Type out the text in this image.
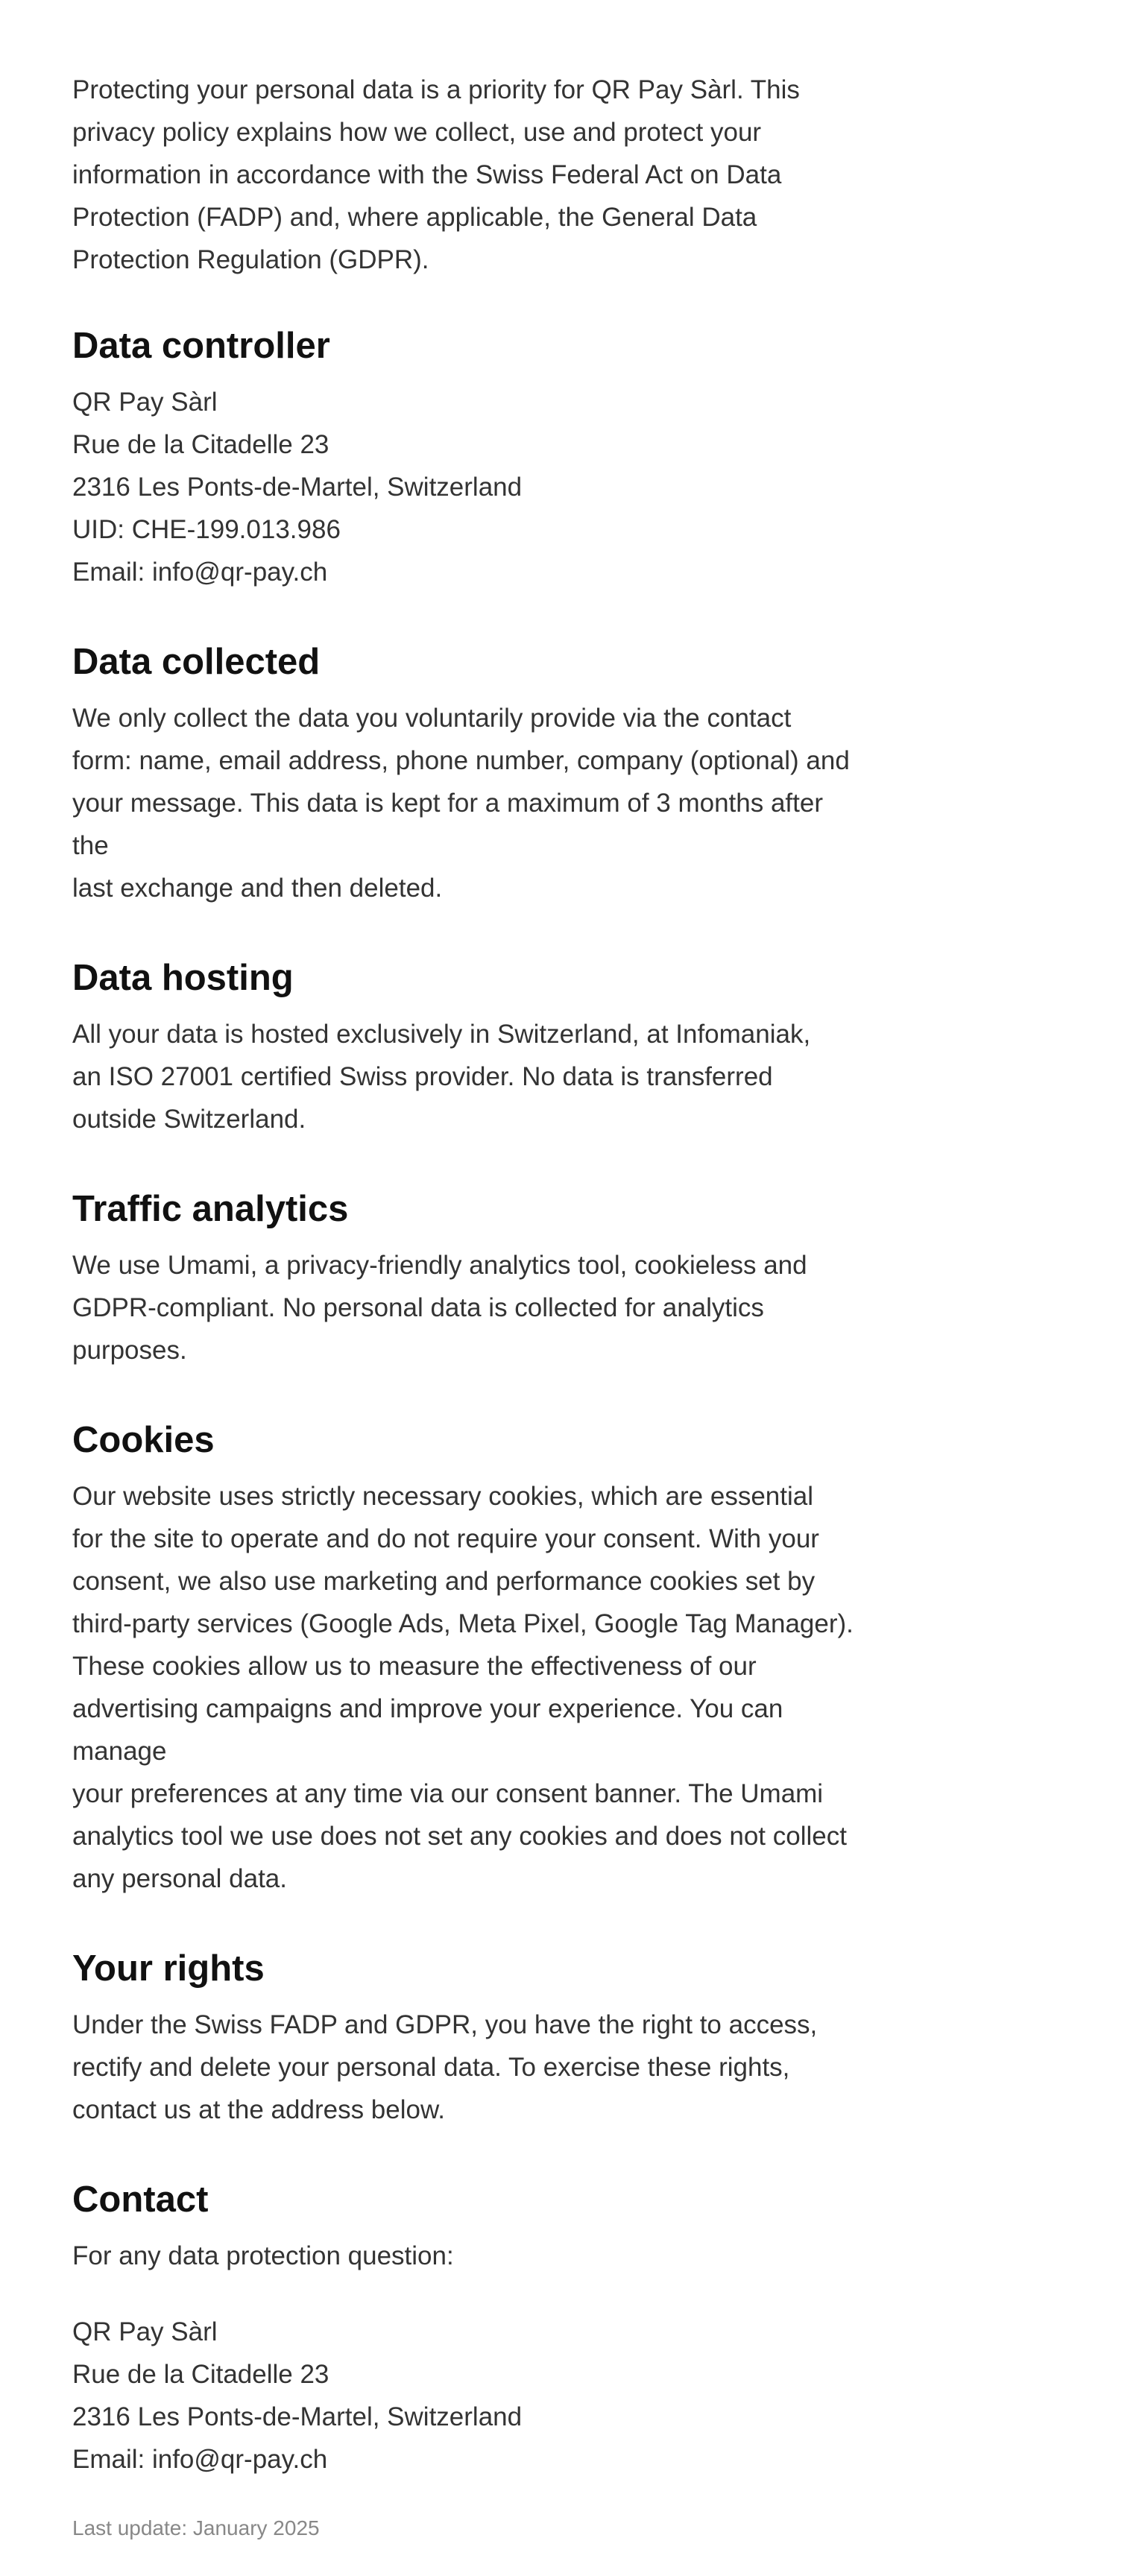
Protecting your personal data is a priority for QR Pay Sàrl. This
privacy policy explains how we collect, use and protect your
information in accordance with the Swiss Federal Act on Data
Protection (FADP) and, where applicable, the General Data
Protection Regulation (GDPR).

Data controller
QR Pay Sàrl
Rue de la Citadelle 23
2316 Les Ponts-de-Martel, Switzerland
UID: CHE-199.013.986
Email: info@qr-pay.ch
Data collected

We only collect the data you voluntarily provide via the contact
form: name, email address, phone number, company (optional) and
your message. This data is kept for a maximum of 3 months after the
last exchange and then deleted.

Data hosting

All your data is hosted exclusively in Switzerland, at Infomaniak,
an ISO 27001 certified Swiss provider. No data is transferred
outside Switzerland.

Traffic analytics

We use Umami, a privacy-friendly analytics tool, cookieless and
GDPR-compliant. No personal data is collected for analytics
purposes.

Cookies

Our website uses strictly necessary cookies, which are essential
for the site to operate and do not require your consent. With your
consent, we also use marketing and performance cookies set by
third-party services (Google Ads, Meta Pixel, Google Tag Manager).
These cookies allow us to measure the effectiveness of our
advertising campaigns and improve your experience. You can manage
your preferences at any time via our consent banner. The Umami
analytics tool we use does not set any cookies and does not collect
any personal data.

Your rights

Under the Swiss FADP and GDPR, you have the right to access,
rectify and delete your personal data. To exercise these rights,
contact us at the address below.

Contact

For any data protection question:

QR Pay Sàrl
Rue de la Citadelle 23
2316 Les Ponts-de-Martel, Switzerland
Email: info@qr-pay.ch

Last update: January 2025
